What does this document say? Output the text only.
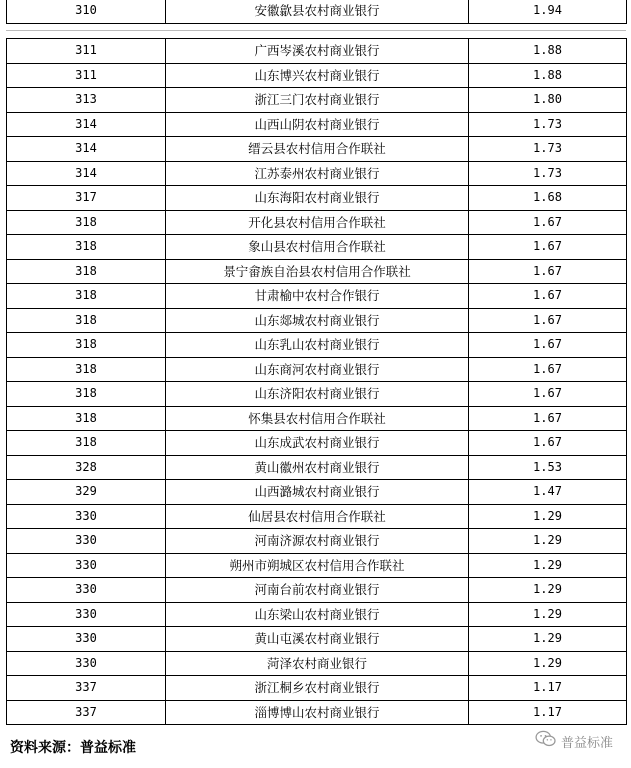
310	安徽歙县农村商业银行	1.94
311	广西岑溪农村商业银行	1.88
311	山东博兴农村商业银行	1.88
313	浙江三门农村商业银行	1.80
314	山西山阴农村商业银行	1.73
314	缙云县农村信用合作联社	1.73
314	江苏泰州农村商业银行	1.73
317	山东海阳农村商业银行	1.68
318	开化县农村信用合作联社	1.67
318	象山县农村信用合作联社	1.67
318	景宁畲族自治县农村信用合作联社	1.67
318	甘肃榆中农村合作银行	1.67
318	山东郯城农村商业银行	1.67
318	山东乳山农村商业银行	1.67
318	山东商河农村商业银行	1.67
318	山东济阳农村商业银行	1.67
318	怀集县农村信用合作联社	1.67
318	山东成武农村商业银行	1.67
328	黄山徽州农村商业银行	1.53
329	山西潞城农村商业银行	1.47
330	仙居县农村信用合作联社	1.29
330	河南济源农村商业银行	1.29
330	朔州市朔城区农村信用合作联社	1.29
330	河南台前农村商业银行	1.29
330	山东梁山农村商业银行	1.29
330	黄山屯溪农村商业银行	1.29
330	菏泽农村商业银行	1.29
337	浙江桐乡农村商业银行	1.17
337	淄博博山农村商业银行	1.17
资料来源：普益标准	普益标准
